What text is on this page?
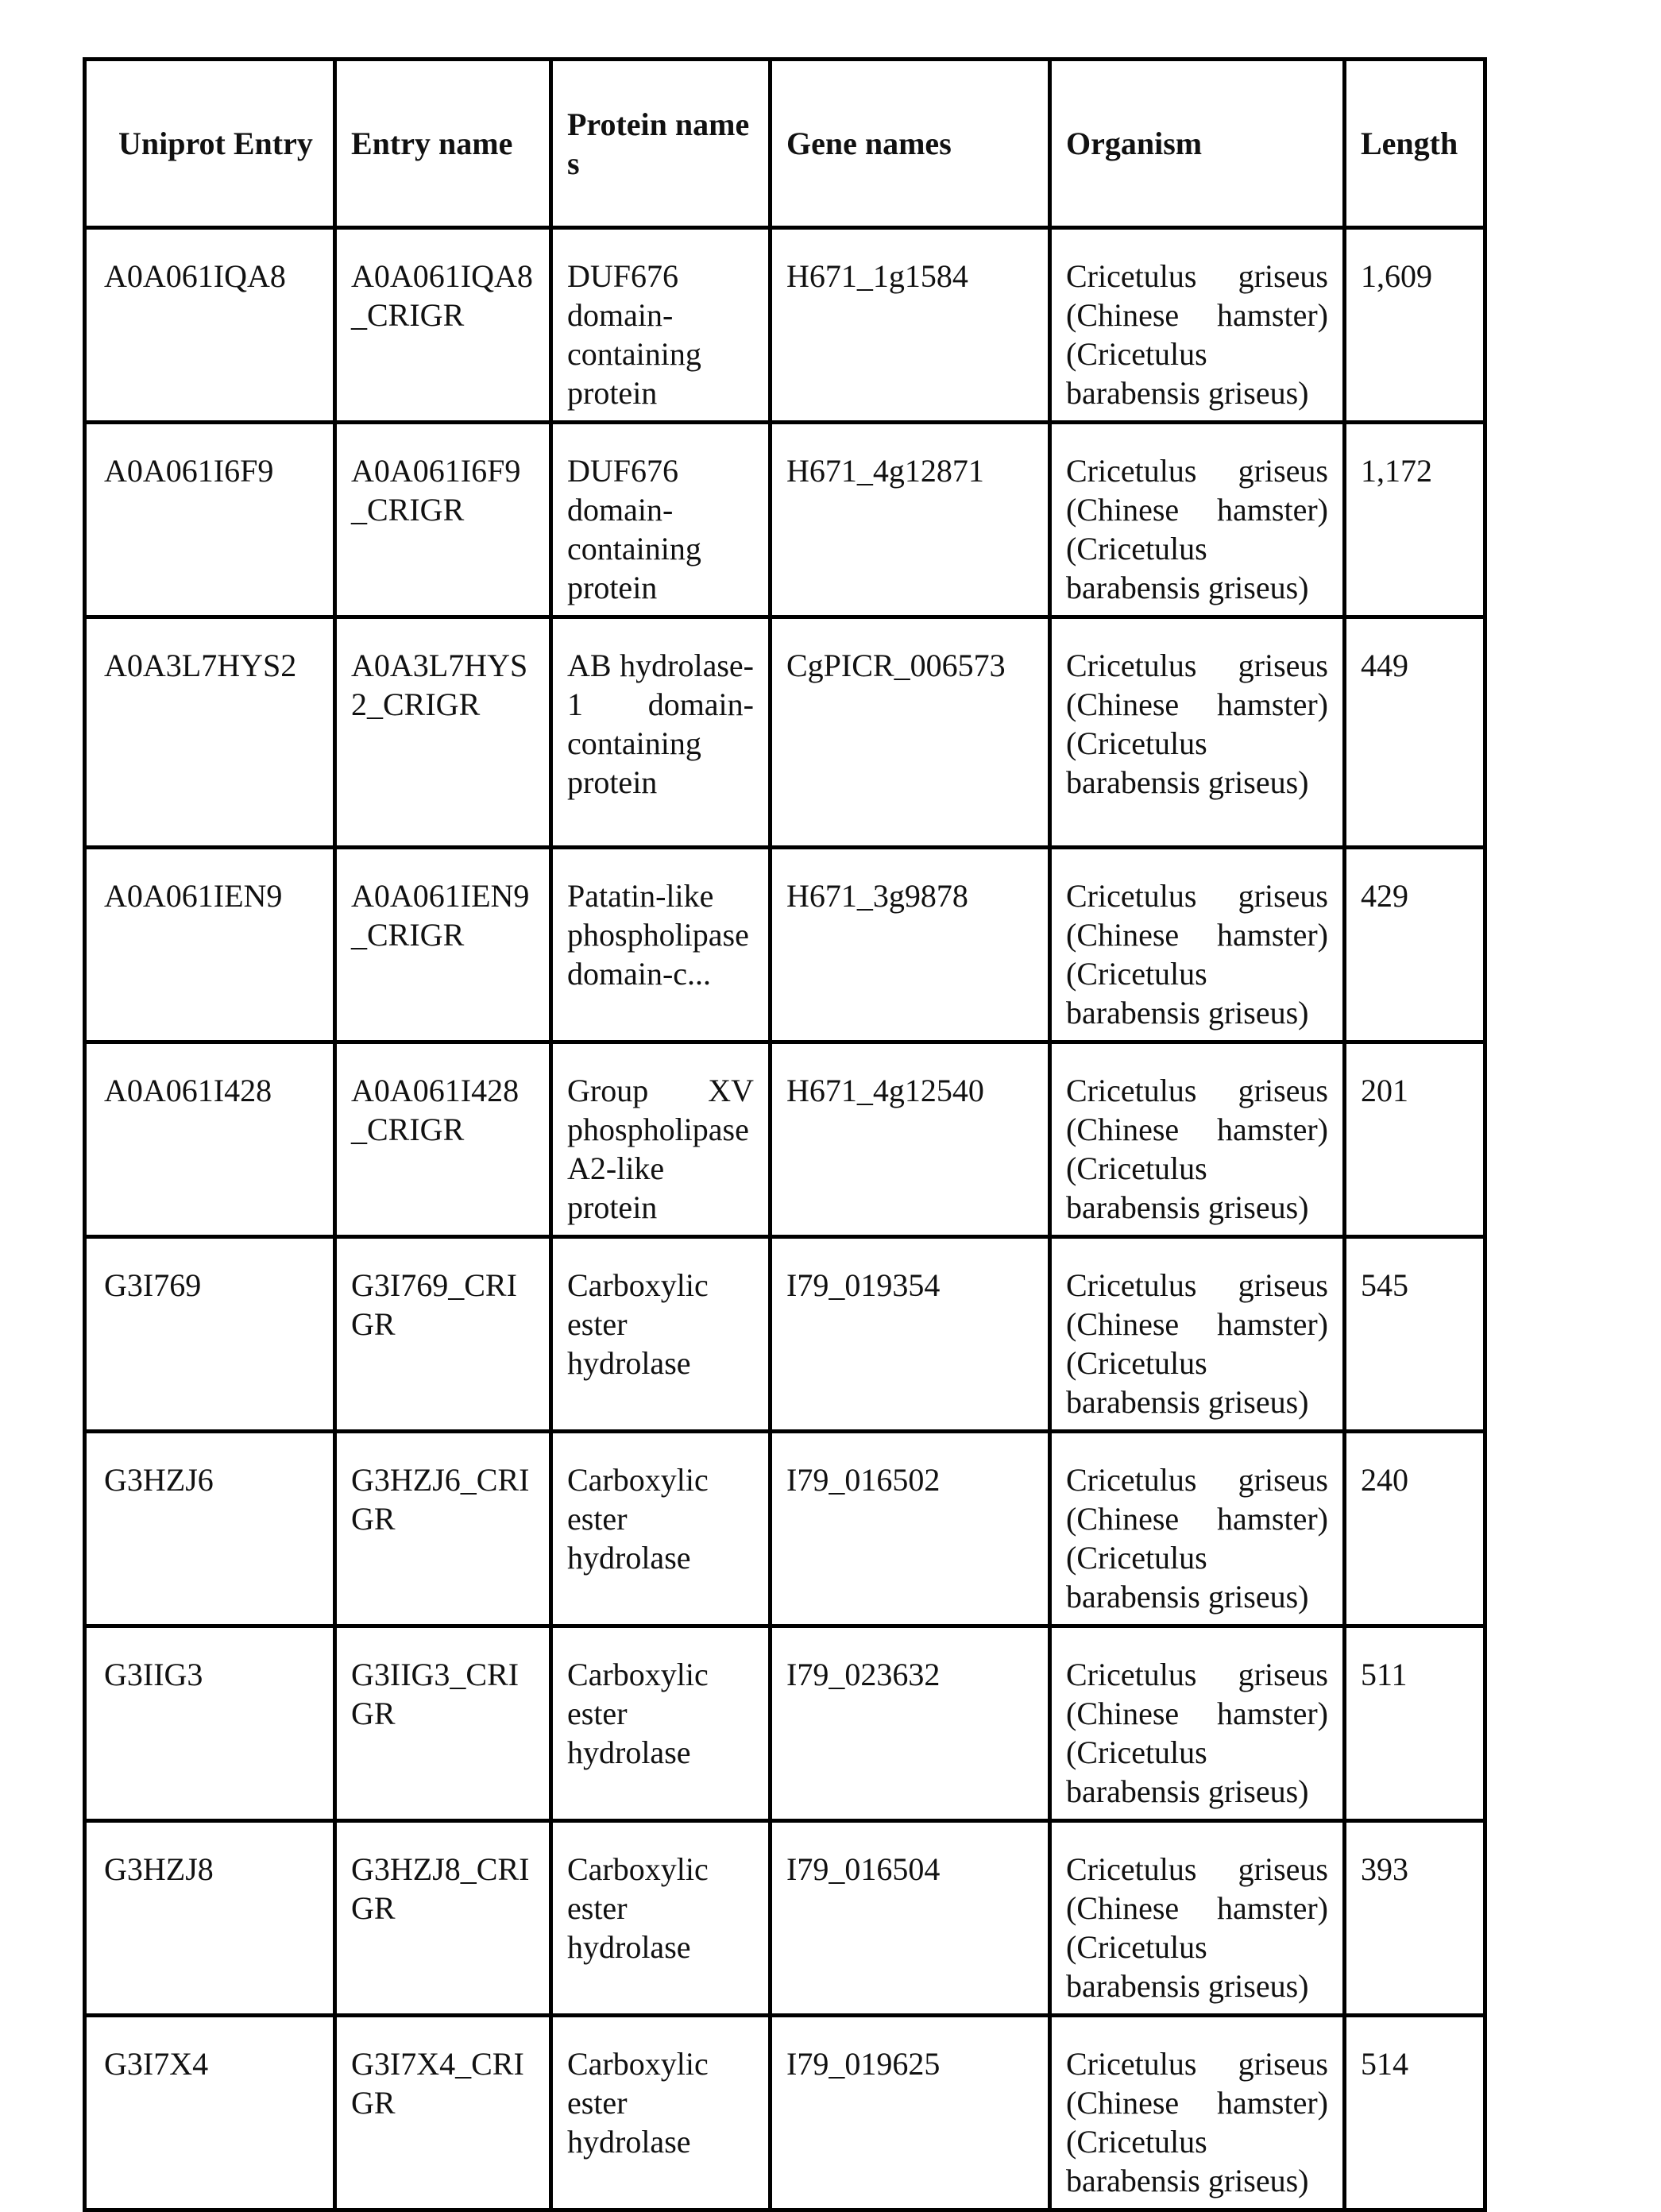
Uniprot Entry	Entry name	Protein names	Gene names	Organism	Length
A0A061IQA8	A0A061IQA8_CRIGR	DUF676 domain-containing protein	H671_1g1584	Cricetulus griseus (Chinese hamster) (Cricetulus barabensis griseus)	1,609
A0A061I6F9	A0A061I6F9_CRIGR	DUF676 domain-containing protein	H671_4g12871	Cricetulus griseus (Chinese hamster) (Cricetulus barabensis griseus)	1,172
A0A3L7HYS2	A0A3L7HYS2_CRIGR	AB hydrolase-1 domain-containing protein	CgPICR_006573	Cricetulus griseus (Chinese hamster) (Cricetulus barabensis griseus)	449
A0A061IEN9	A0A061IEN9_CRIGR	Patatin-like phospholipase domain-c...	H671_3g9878	Cricetulus griseus (Chinese hamster) (Cricetulus barabensis griseus)	429
A0A061I428	A0A061I428_CRIGR	Group XV phospholipase A2-like protein	H671_4g12540	Cricetulus griseus (Chinese hamster) (Cricetulus barabensis griseus)	201
G3I769	G3I769_CRIGR	Carboxylic ester hydrolase	I79_019354	Cricetulus griseus (Chinese hamster) (Cricetulus barabensis griseus)	545
G3HZJ6	G3HZJ6_CRIGR	Carboxylic ester hydrolase	I79_016502	Cricetulus griseus (Chinese hamster) (Cricetulus barabensis griseus)	240
G3IIG3	G3IIG3_CRIGR	Carboxylic ester hydrolase	I79_023632	Cricetulus griseus (Chinese hamster) (Cricetulus barabensis griseus)	511
G3HZJ8	G3HZJ8_CRIGR	Carboxylic ester hydrolase	I79_016504	Cricetulus griseus (Chinese hamster) (Cricetulus barabensis griseus)	393
G3I7X4	G3I7X4_CRIGR	Carboxylic ester hydrolase	I79_019625	Cricetulus griseus (Chinese hamster) (Cricetulus barabensis griseus)	514
